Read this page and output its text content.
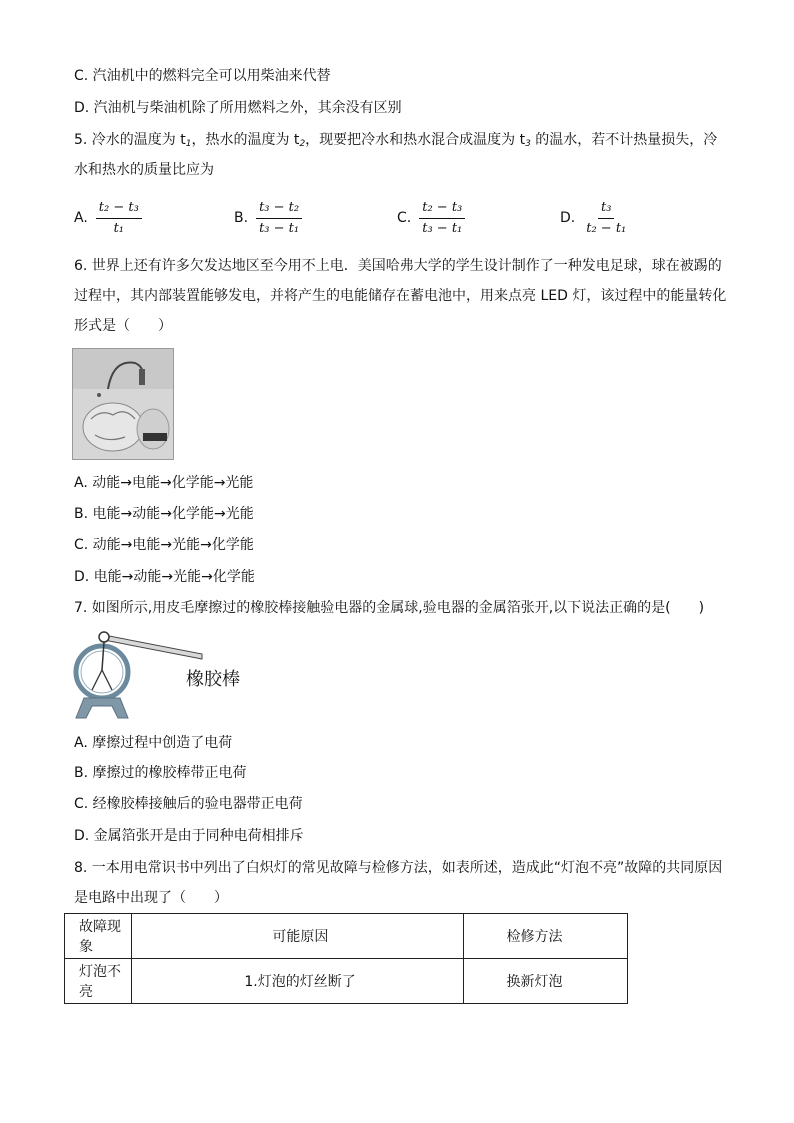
C. 汽油机中的燃料完全可以用柴油来代替
D. 汽油机与柴油机除了所用燃料之外，其余没有区别
5. 冷水的温度为 $t_1$，热水的温度为 $t_2$，现要把冷水和热水混合成温度为 $t_3$ 的温水，若不计热量损失，冷
水和热水的质量比应为
A. $\frac{\text{t₂ − t₃}}{\text{t₁}}$	B. $\frac{\text{t₃ − t₂}}{\text{t₃ − t₁}}$	C. $\frac{\text{t₂ − t₃}}{\text{t₃ − t₁}}$	D. $\frac{\text{t₃}}{\text{t₂ − t₁}}$
6. 世界上还有许多欠发达地区至今用不上电．美国哈弗大学的学生设计制作了一种发电足球，球在被踢的
过程中，其内部装置能够发电，并将产生的电能储存在蓄电池中，用来点亮 LED 灯，该过程中的能量转化
形式是（　　）
A. 动能→电能→化学能→光能
B. 电能→动能→化学能→光能
C. 动能→电能→光能→化学能
D. 电能→动能→光能→化学能
7. 如图所示,用皮毛摩擦过的橡胶棒接触验电器的金属球,验电器的金属箔张开,以下说法正确的是(　　)
橡胶棒
A. 摩擦过程中创造了电荷
B. 摩擦过的橡胶棒带正电荷
C. 经橡胶棒接触后的验电器带正电荷
D. 金属箔张开是由于同种电荷相排斥
8. 一本用电常识书中列出了白炽灯的常见故障与检修方法，如表所述，造成此“灯泡不亮”故障的共同原因
是电路中出现了（　　）
故障现象	可能原因	检修方法
灯泡不亮	1.灯泡的灯丝断了	换新灯泡
